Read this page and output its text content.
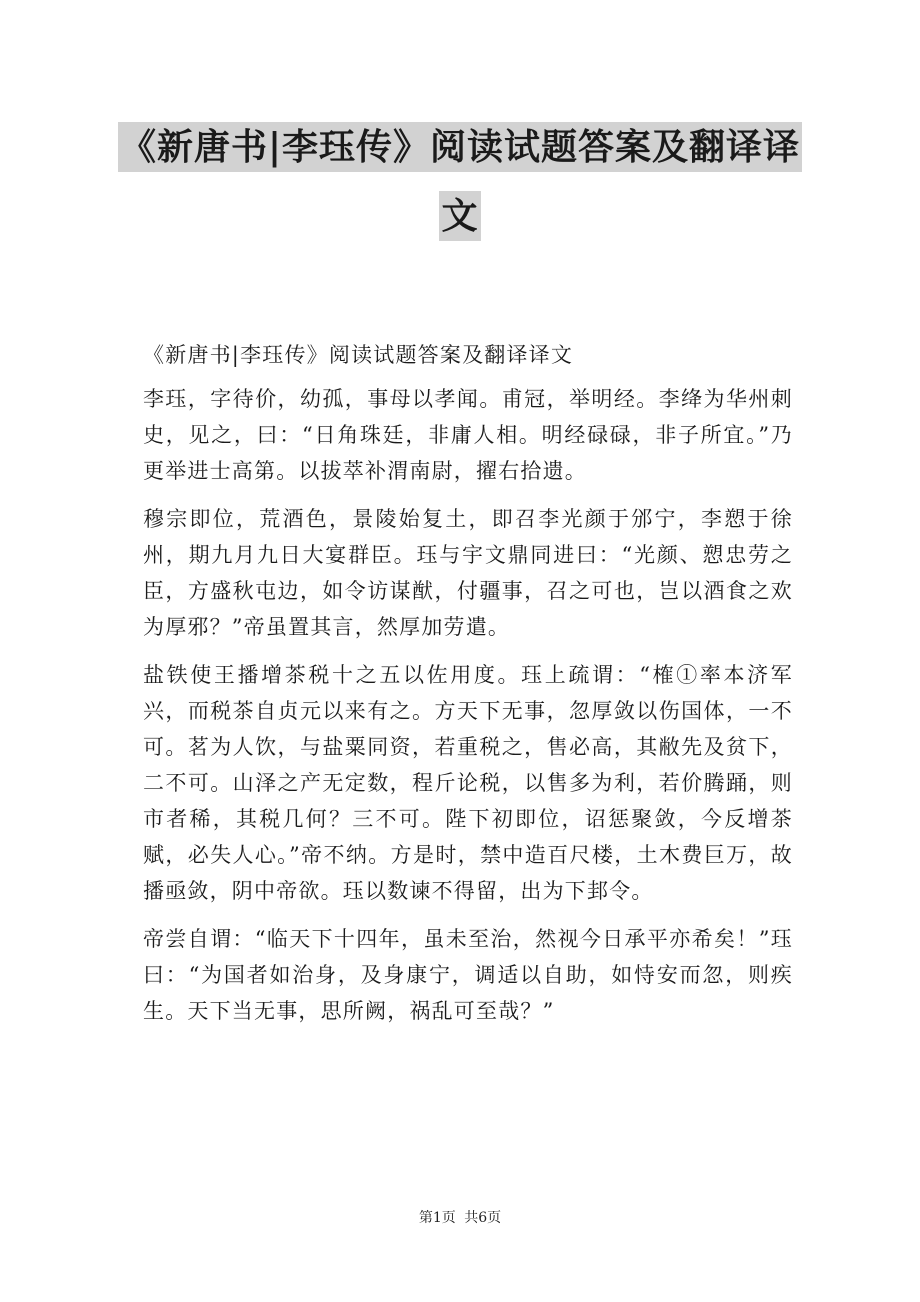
《新唐书|李珏传》阅读试题答案及翻译译
文

《新唐书|李珏传》阅读试题答案及翻译译文

李珏，字待价，幼孤，事母以孝闻。甫冠，举明经。李绛为华州刺史，见之，曰：“日角珠廷，非庸人相。明经碌碌，非子所宜。”乃更举进士高第。以拔萃补渭南尉，擢右拾遗。

穆宗即位，荒酒色，景陵始复土，即召李光颜于邠宁，李愬于徐州，期九月九日大宴群臣。珏与宇文鼎同进曰：“光颜、愬忠劳之臣，方盛秋屯边，如令访谋猷，付疆事，召之可也，岂以酒食之欢为厚邪？”帝虽置其言，然厚加劳遣。

盐铁使王播增茶税十之五以佐用度。珏上疏谓：“榷①率本济军兴，而税茶自贞元以来有之。方天下无事，忽厚敛以伤国体，一不可。茗为人饮，与盐粟同资，若重税之，售必高，其敝先及贫下，二不可。山泽之产无定数，程斤论税，以售多为利，若价腾踊，则市者稀，其税几何？三不可。陛下初即位，诏惩聚敛，今反增茶赋，必失人心。”帝不纳。方是时，禁中造百尺楼，土木费巨万，故播亟敛，阴中帝欲。珏以数谏不得留，出为下邽令。

帝尝自谓：“临天下十四年，虽未至治，然视今日承平亦希矣！”珏曰：“为国者如治身，及身康宁，调适以自助，如恃安而忽，则疾生。天下当无事，思所阙，祸乱可至哉？”

第1页 共6页
